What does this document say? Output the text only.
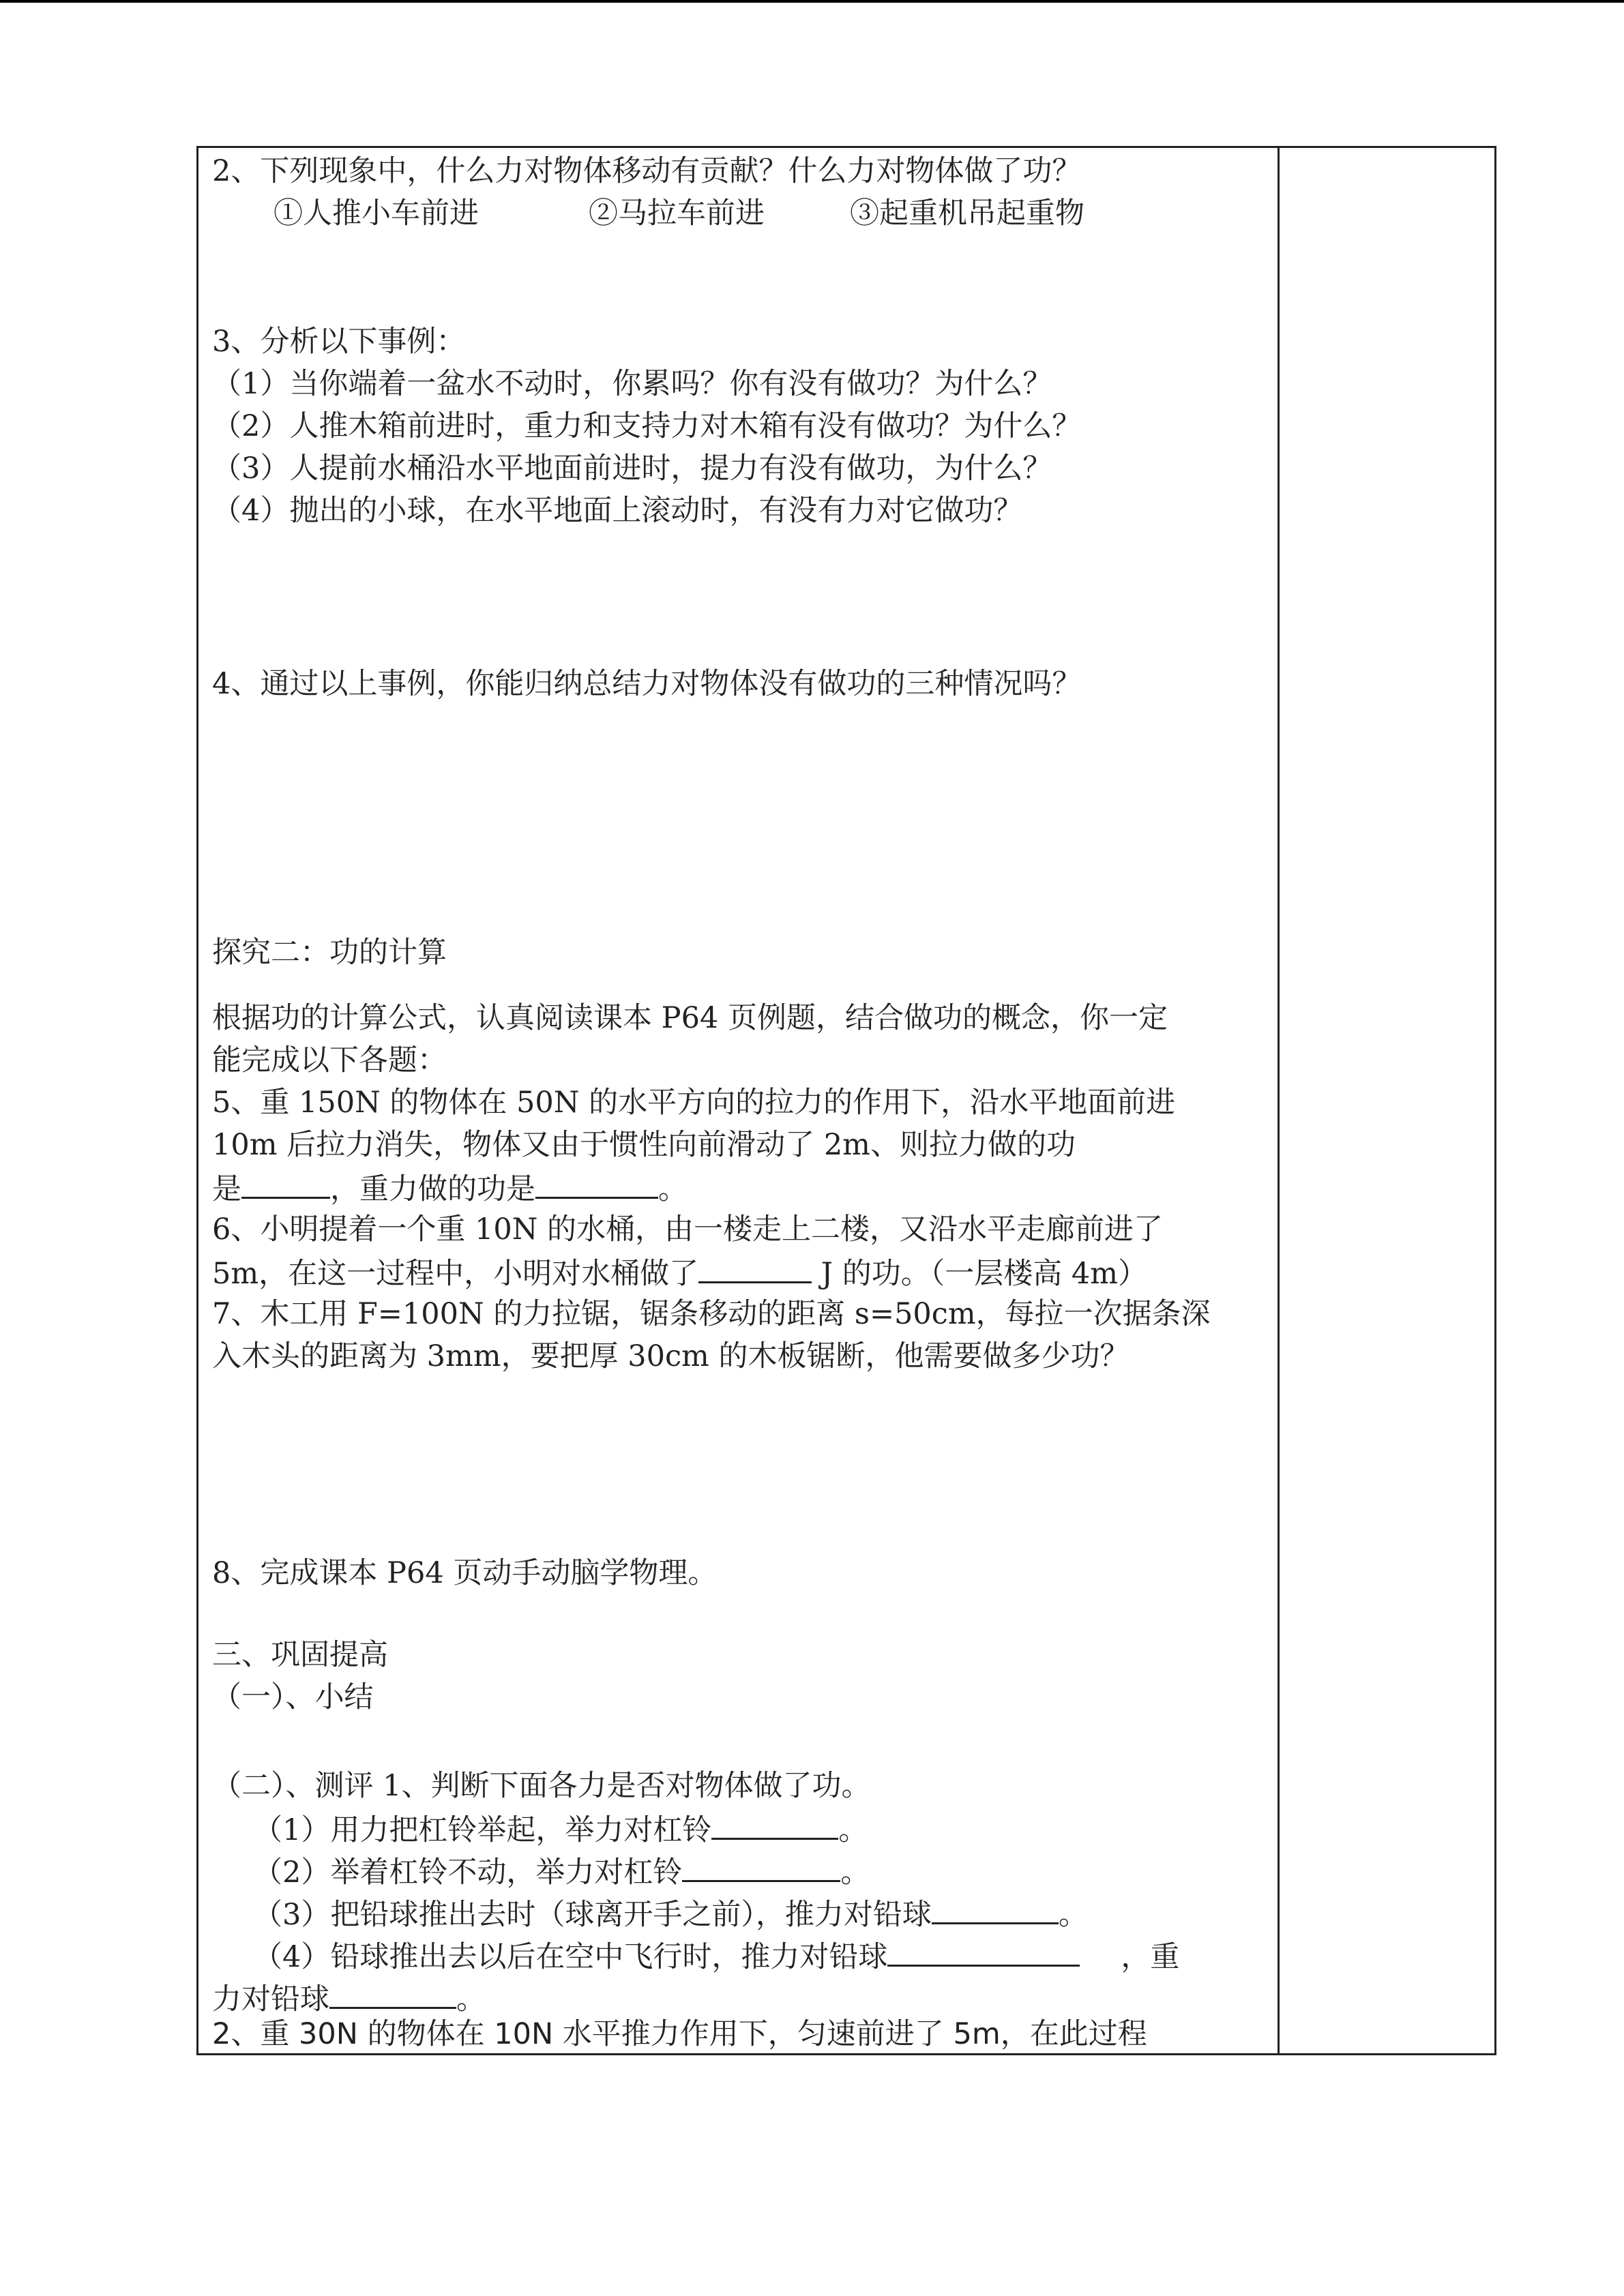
2、下列现象中，什么力对物体移动有贡献？什么力对物体做了功？
①人推小车前进	②马拉车前进	③起重机吊起重物
3、分析以下事例：
（1）当你端着一盆水不动时，你累吗？你有没有做功？为什么？
（2）人推木箱前进时，重力和支持力对木箱有没有做功？为什么？
（3）人提前水桶沿水平地面前进时，提力有没有做功，为什么？
（4）抛出的小球，在水平地面上滚动时，有没有力对它做功？
4、通过以上事例，你能归纳总结力对物体没有做功的三种情况吗？
探究二：功的计算
根据功的计算公式，认真阅读课本 P64 页例题，结合做功的概念，你一定
能完成以下各题：
5、重 150N 的物体在 50N 的水平方向的拉力的作用下，沿水平地面前进
10m 后拉力消失，物体又由于惯性向前滑动了 2m、则拉力做的功
是	，重力做的功是	。
6、小明提着一个重 10N 的水桶，由一楼走上二楼，又沿水平走廊前进了
5m，在这一过程中，小明对水桶做了	J 的功。（一层楼高 4m）
7、木工用 F=100N 的力拉锯，锯条移动的距离 s=50cm，每拉一次据条深
入木头的距离为 3mm，要把厚 30cm 的木板锯断，他需要做多少功？
8、完成课本 P64 页动手动脑学物理。
三、巩固提高
（一）、小结
（二）、测评 1、判断下面各力是否对物体做了功。
（1）用力把杠铃举起，举力对杠铃	。
（2）举着杠铃不动，举力对杠铃	。
（3）把铅球推出去时（球离开手之前），推力对铅球	。
（4）铅球推出去以后在空中飞行时，推力对铅球	，重
力对铅球	。
2、重 30N 的物体在 10N 水平推力作用下，匀速前进了 5m，在此过程
